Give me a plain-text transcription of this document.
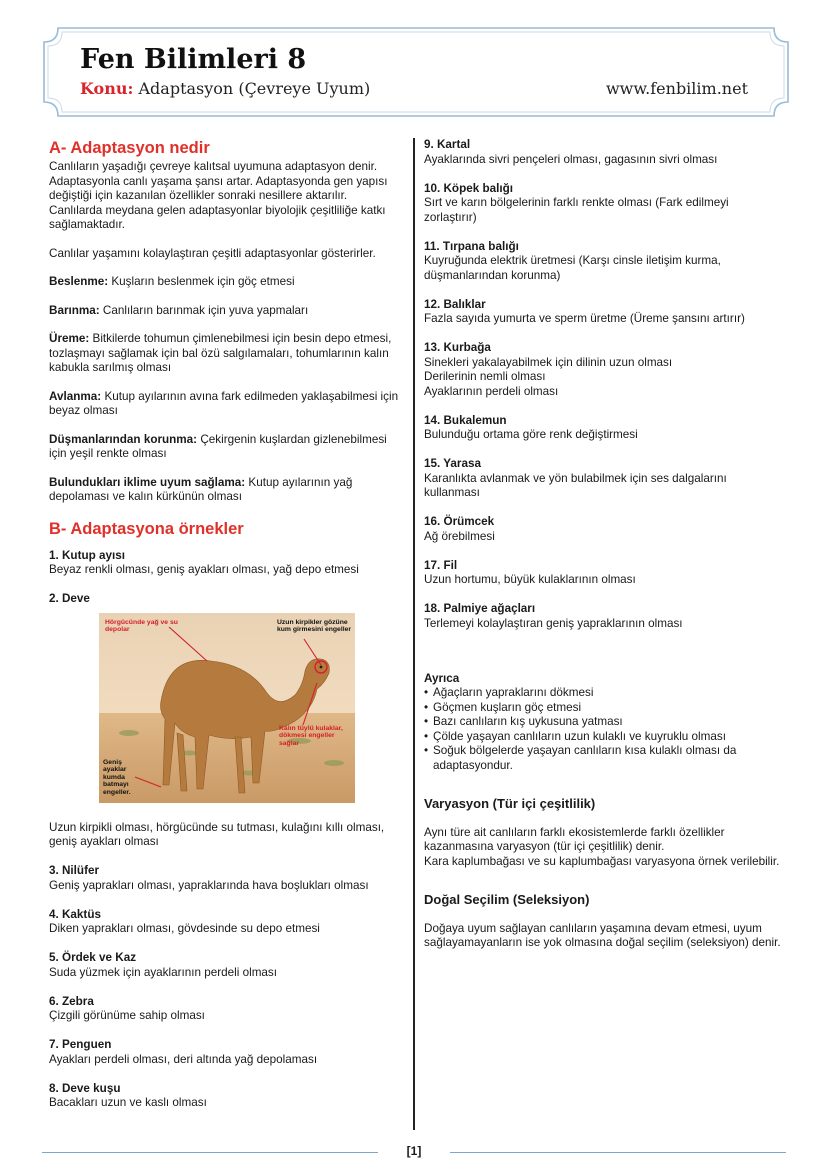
Fen Bilimleri 8
Konu: Adaptasyon (Çevreye Uyum)	www.fenbilim.net
A- Adaptasyon nedir

Canlıların yaşadığı çevreye kalıtsal uyumuna adaptasyon denir. Adaptasyonla canlı yaşama şansı artar. Adaptasyonda gen yapısı değiştiği için kazanılan özellikler sonraki nesillere aktarılır. Canlılarda meydana gelen adaptasyonlar biyolojik çeşitliliğe katkı sağlamaktadır.

Canlılar yaşamını kolaylaştıran çeşitli adaptasyonlar gösterirler.

Beslenme: Kuşların beslenmek için göç etmesi

Barınma: Canlıların barınmak için yuva yapmaları

Üreme: Bitkilerde tohumun çimlenebilmesi için besin depo etmesi, tozlaşmayı sağlamak için bal özü salgılamaları, tohumlarının kalın kabukla sarılmış olması

Avlanma: Kutup ayılarının avına fark edilmeden yaklaşabilmesi için beyaz olması

Düşmanlarından korunma: Çekirgenin kuşlardan gizlenebilmesi için yeşil renkte olması

Bulundukları iklime uyum sağlama: Kutup ayılarının yağ depolaması ve kalın kürkünün olması

B- Adaptasyona örnekler
1. Kutup ayısı
Beyaz renkli olması, geniş ayakları olması, yağ depo etmesi
2. Deve
Hörgücünde yağ ve su depolar
Uzun kirpikler gözüne kum girmesini engeller
Kalın tüylü kulaklar, dökmesi engeller sağlar
Geniş ayaklar kumda batmayı engeller.
Uzun kirpikli olması, hörgücünde su tutması, kulağını kıllı olması, geniş ayakları olması
3. Nilüfer
Geniş yaprakları olması, yapraklarında hava boşlukları olması
4. Kaktüs
Diken yaprakları olması, gövdesinde su depo etmesi
5. Ördek ve Kaz
Suda yüzmek için ayaklarının perdeli olması
6. Zebra
Çizgili görünüme sahip olması
7. Penguen
Ayakları perdeli olması, deri altında yağ depolaması
8. Deve kuşu
Bacakları uzun ve kaslı olması
9. Kartal
Ayaklarında sivri pençeleri olması, gagasının sivri olması
10. Köpek balığı
Sırt ve karın bölgelerinin farklı renkte olması (Fark edilmeyi zorlaştırır)
11. Tırpana balığı
Kuyruğunda elektrik üretmesi (Karşı cinsle iletişim kurma, düşmanlarından korunma)
12. Balıklar
Fazla sayıda yumurta ve sperm üretme (Üreme şansını artırır)
13. Kurbağa
Sinekleri yakalayabilmek için dilinin uzun olması
Derilerinin nemli olması
Ayaklarının perdeli olması
14. Bukalemun
Bulunduğu ortama göre renk değiştirmesi
15. Yarasa
Karanlıkta avlanmak ve yön bulabilmek için ses dalgalarını kullanması
16. Örümcek
Ağ örebilmesi
17. Fil
Uzun hortumu, büyük kulaklarının olması
18. Palmiye ağaçları
Terlemeyi kolaylaştıran geniş yapraklarının olması
Ayrıca
• Ağaçların yapraklarını dökmesi
• Göçmen kuşların göç etmesi
• Bazı canlıların kış uykusuna yatması
• Çölde yaşayan canlıların uzun kulaklı ve kuyruklu olması
• Soğuk bölgelerde yaşayan canlıların kısa kulaklı olması da adaptasyondur.
Varyasyon (Tür içi çeşitlilik)
Aynı türe ait canlıların farklı ekosistemlerde farklı özellikler kazanmasına varyasyon (tür içi çeşitlilik) denir.
Kara kaplumbağası ve su kaplumbağası varyasyona örnek verilebilir.
Doğal Seçilim (Seleksiyon)
Doğaya uyum sağlayan canlıların yaşamına devam etmesi, uyum sağlayamayanların ise yok olmasına doğal seçilim (seleksiyon) denir.
[1]
